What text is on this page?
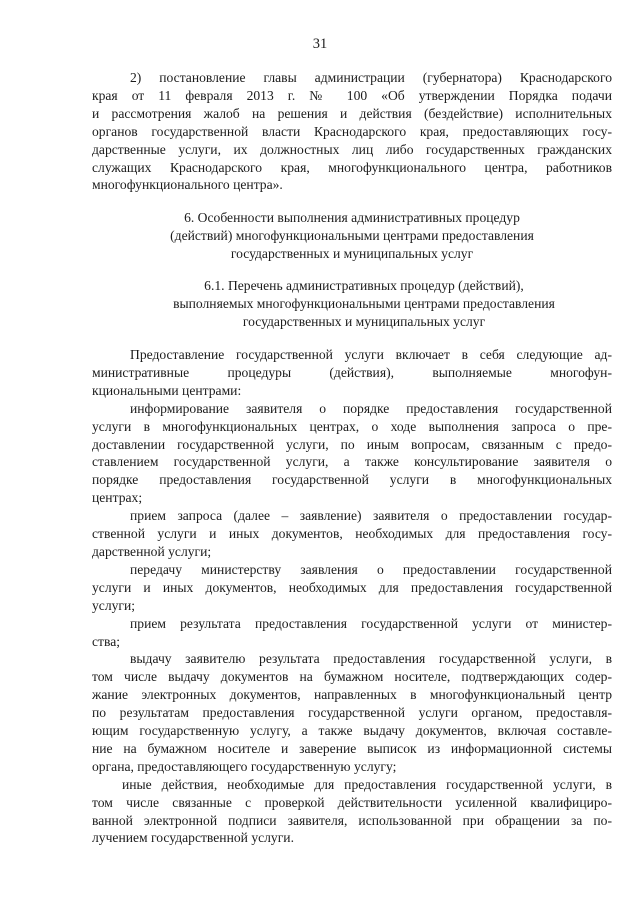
31
2) постановление главы администрации (губернатора) Краснодарского
края от 11 февраля 2013 г. № 100 «Об утверждении Порядка подачи
и рассмотрения жалоб на решения и действия (бездействие) исполнительных
органов государственной власти Краснодарского края, предоставляющих госу-
дарственные услуги, их должностных лиц либо государственных гражданских
служащих Краснодарского края, многофункционального центра, работников
многофункционального центра».
6. Особенности выполнения административных процедур
(действий) многофункциональными центрами предоставления
государственных и муниципальных услуг
6.1. Перечень административных процедур (действий),
выполняемых многофункциональными центрами предоставления
государственных и муниципальных услуг
Предоставление государственной услуги включает в себя следующие ад-
министративные процедуры (действия), выполняемые многофун-
кциональными центрами:
информирование заявителя о порядке предоставления государственной
услуги в многофункциональных центрах, о ходе выполнения запроса о пре-
доставлении государственной услуги, по иным вопросам, связанным с предо-
ставлением государственной услуги, а также консультирование заявителя о
порядке предоставления государственной услуги в многофункциональных
центрах;
прием запроса (далее – заявление) заявителя о предоставлении государ-
ственной услуги и иных документов, необходимых для предоставления госу-
дарственной услуги;
передачу министерству заявления о предоставлении государственной
услуги и иных документов, необходимых для предоставления государственной
услуги;
прием результата предоставления государственной услуги от министер-
ства;
выдачу заявителю результата предоставления государственной услуги, в
том числе выдачу документов на бумажном носителе, подтверждающих содер-
жание электронных документов, направленных в многофункциональный центр
по результатам предоставления государственной услуги органом, предоставля-
ющим государственную услугу, а также выдачу документов, включая составле-
ние на бумажном носителе и заверение выписок из информационной системы
органа, предоставляющего государственную услугу;
иные действия, необходимые для предоставления государственной услуги, в
том числе связанные с проверкой действительности усиленной квалифициро-
ванной электронной подписи заявителя, использованной при обращении за по-
лучением государственной услуги.
